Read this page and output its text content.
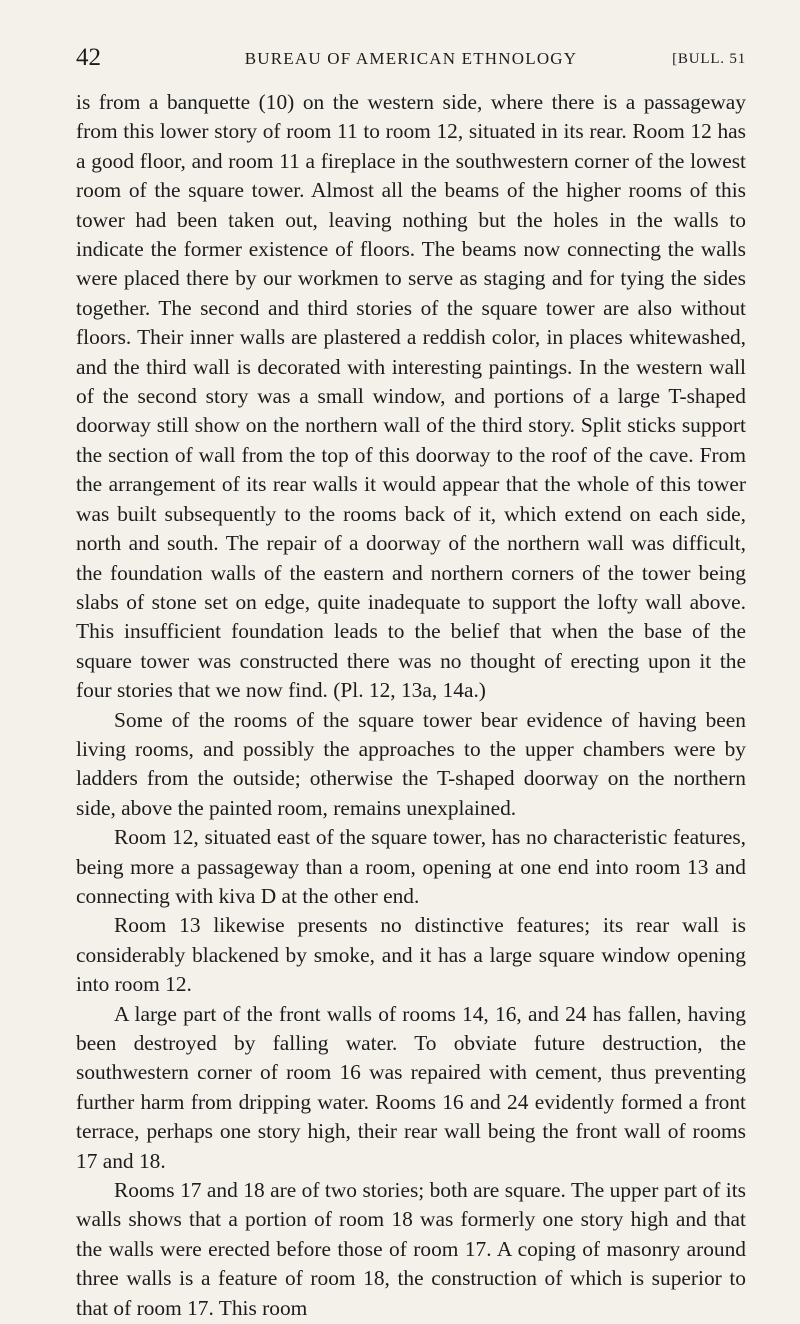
42	BUREAU OF AMERICAN ETHNOLOGY	[BULL. 51

is from a banquette (10) on the western side, where there is a passageway from this lower story of room 11 to room 12, situated in its rear. Room 12 has a good floor, and room 11 a fireplace in the southwestern corner of the lowest room of the square tower. Almost all the beams of the higher rooms of this tower had been taken out, leaving nothing but the holes in the walls to indicate the former existence of floors. The beams now connecting the walls were placed there by our workmen to serve as staging and for tying the sides together. The second and third stories of the square tower are also without floors. Their inner walls are plastered a reddish color, in places whitewashed, and the third wall is decorated with interesting paintings. In the western wall of the second story was a small window, and portions of a large T-shaped doorway still show on the northern wall of the third story. Split sticks support the section of wall from the top of this doorway to the roof of the cave. From the arrangement of its rear walls it would appear that the whole of this tower was built subsequently to the rooms back of it, which extend on each side, north and south. The repair of a doorway of the northern wall was difficult, the foundation walls of the eastern and northern corners of the tower being slabs of stone set on edge, quite inadequate to support the lofty wall above. This insufficient foundation leads to the belief that when the base of the square tower was constructed there was no thought of erecting upon it the four stories that we now find. (Pl. 12, 13a, 14a.)

Some of the rooms of the square tower bear evidence of having been living rooms, and possibly the approaches to the upper chambers were by ladders from the outside; otherwise the T-shaped doorway on the northern side, above the painted room, remains unexplained.

Room 12, situated east of the square tower, has no characteristic features, being more a passageway than a room, opening at one end into room 13 and connecting with kiva D at the other end.

Room 13 likewise presents no distinctive features; its rear wall is considerably blackened by smoke, and it has a large square window opening into room 12.

A large part of the front walls of rooms 14, 16, and 24 has fallen, having been destroyed by falling water. To obviate future destruction, the southwestern corner of room 16 was repaired with cement, thus preventing further harm from dripping water. Rooms 16 and 24 evidently formed a front terrace, perhaps one story high, their rear wall being the front wall of rooms 17 and 18.

Rooms 17 and 18 are of two stories; both are square. The upper part of its walls shows that a portion of room 18 was formerly one story high and that the walls were erected before those of room 17. A coping of masonry around three walls is a feature of room 18, the construction of which is superior to that of room 17. This room
